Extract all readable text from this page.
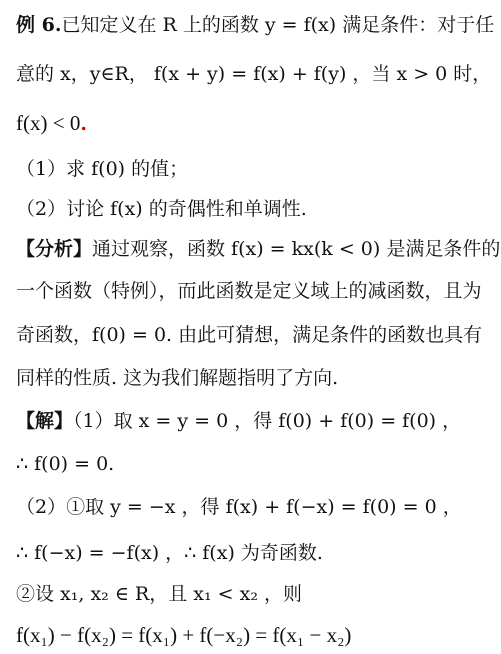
例 6.已知定义在 R 上的函数 y = f(x) 满足条件：对于任
意的 x，y∈R， f(x + y) = f(x) + f(y) ，当 x > 0 时，
f(x) < 0.
（1）求 f(0) 的值；
（2）讨论 f(x) 的奇偶性和单调性.
【分析】通过观察，函数 f(x) = kx(k < 0) 是满足条件的
一个函数（特例），而此函数是定义域上的减函数，且为
奇函数，f(0) = 0. 由此可猜想，满足条件的函数也具有
同样的性质. 这为我们解题指明了方向.
【解】（1）取 x = y = 0 ，得 f(0) + f(0) = f(0) ，
∴ f(0) = 0.
（2）①取 y = −x ，得 f(x) + f(−x) = f(0) = 0 ，
∴ f(−x) = −f(x) ，∴ f(x) 为奇函数.
②设 x₁, x₂ ∈ R，且 x₁ < x₂ ，则
f(x₁) − f(x₂) = f(x₁) + f(−x₂) = f(x₁ − x₂)
